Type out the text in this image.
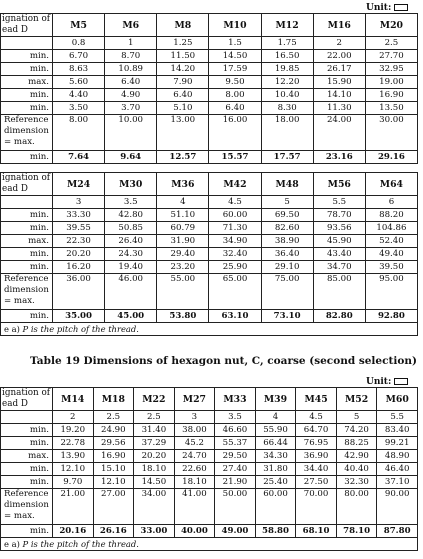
Unit:
ignation of
ead D	M5	M6	M8	M10	M12	M16	M20
	0.8	1	1.25	1.5	1.75	2	2.5
min.	6.70	8.70	11.50	14.50	16.50	22.00	27.70
min.	8.63	10.89	14.20	17.59	19.85	26.17	32.95
max.	5.60	6.40	7.90	9.50	12.20	15.90	19.00
min.	4.40	4.90	6.40	8.00	10.40	14.10	16.90
min.	3.50	3.70	5.10	6.40	8.30	11.30	13.50
Reference
dimension
= max.	8.00	10.00	13.00	16.00	18.00	24.00	30.00
min.	7.64	9.64	12.57	15.57	17.57	23.16	29.16
ignation of
ead D	M24	M30	M36	M42	M48	M56	M64
	3	3.5	4	4.5	5	5.5	6
min.	33.30	42.80	51.10	60.00	69.50	78.70	88.20
min.	39.55	50.85	60.79	71.30	82.60	93.56	104.86
max.	22.30	26.40	31.90	34.90	38.90	45.90	52.40
min.	20.20	24.30	29.40	32.40	36.40	43.40	49.40
min.	16.20	19.40	23.20	25.90	29.10	34.70	39.50
Reference
dimension
= max.	36.00	46.00	55.00	65.00	75.00	85.00	95.00
min.	35.00	45.00	53.80	63.10	73.10	82.80	92.80
e a) P is the pitch of the thread.							
Table 19 Dimensions of hexagon nut, C, coarse (second selection)
Unit:
ignation of
ead D	M14	M18	M22	M27	M33	M39	M45	M52	M60
	2	2.5	2.5	3	3.5	4	4.5	5	5.5
min.	19.20	24.90	31.40	38.00	46.60	55.90	64.70	74.20	83.40
min.	22.78	29.56	37.29	45.2	55.37	66.44	76.95	88.25	99.21
max.	13.90	16.90	20.20	24.70	29.50	34.30	36.90	42.90	48.90
min.	12.10	15.10	18.10	22.60	27.40	31.80	34.40	40.40	46.40
min.	9.70	12.10	14.50	18.10	21.90	25.40	27.50	32.30	37.10
Reference
dimension
= max.	21.00	27.00	34.00	41.00	50.00	60.00	70.00	80.00	90.00
min.	20.16	26.16	33.00	40.00	49.00	58.80	68.10	78.10	87.80
e a) P is the pitch of the thread.									
